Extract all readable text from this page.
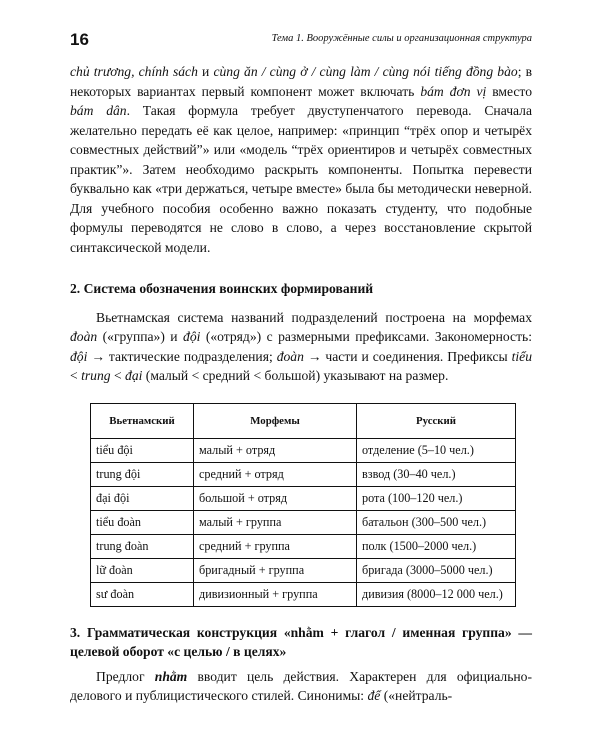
16	Тема 1. Вооружённые силы и организационная структура

chủ trương, chính sách и cùng ăn / cùng ở / cùng làm / cùng nói tiếng đồng bào; в некоторых вариантах первый компонент может включать bám đơn vị вместо bám dân. Такая формула требует двуступенчатого перевода. Сначала желательно передать её как целое, например: «принцип “трёх опор и четырёх совместных действий”» или «модель “трёх ориентиров и четырёх совместных практик”». Затем необходимо раскрыть компоненты. Попытка перевести буквально как «три держаться, четыре вместе» была бы методически неверной. Для учебного пособия особенно важно показать студенту, что подобные формулы переводятся не слово в слово, а через восстановление скрытой синтаксической модели.

2. Система обозначения воинских формирований

Вьетнамская система названий подразделений построена на морфемах đoàn («группа») и đội («отряд») с размерными префиксами. Закономерность: đội → тактические подразделения; đoàn → части и соединения. Префиксы tiểu < trung < đại (малый < средний < большой) указывают на размер.

Вьетнамский	Морфемы	Русский
tiểu đội	малый + отряд	отделение (5–10 чел.)
trung đội	средний + отряд	взвод (30–40 чел.)
đại đội	большой + отряд	рота (100–120 чел.)
tiểu đoàn	малый + группа	батальон (300–500 чел.)
trung đoàn	средний + группа	полк (1500–2000 чел.)
lữ đoàn	бригадный + группа	бригада (3000–5000 чел.)
sư đoàn	дивизионный + группа	дивизия (8000–12 000 чел.)

3. Грамматическая конструкция «nhằm + глагол / именная группа» — целевой оборот «с целью / в целях»

Предлог nhằm вводит цель действия. Характерен для официально-делового и публицистического стилей. Синонимы: để («нейтраль-
